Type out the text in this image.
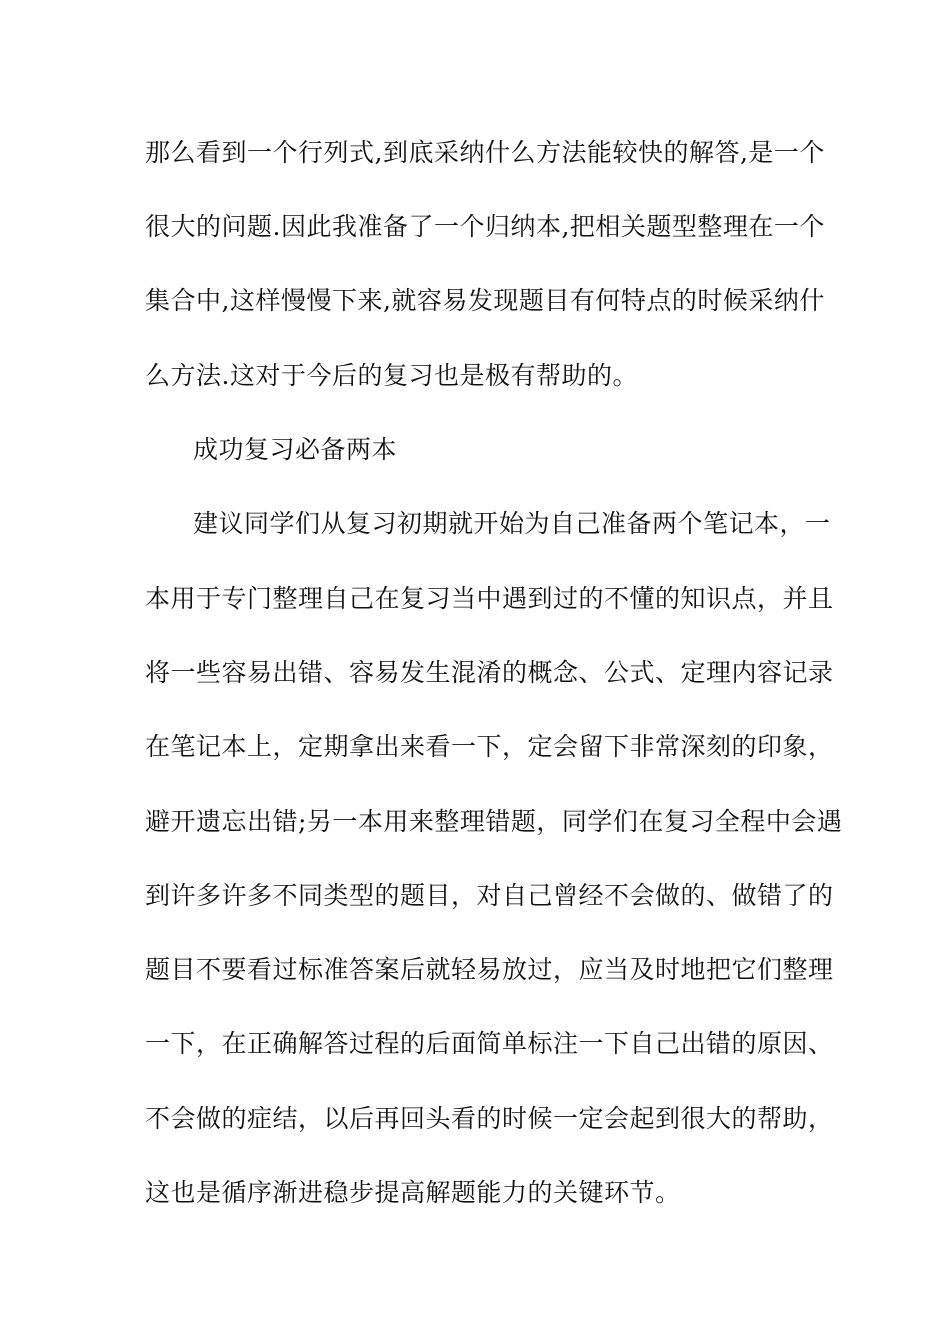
那么看到一个行列式,到底采纳什么方法能较快的解答,是一个
很大的问题.因此我准备了一个归纳本,把相关题型整理在一个
集合中,这样慢慢下来,就容易发现题目有何特点的时候采纳什
么方法.这对于今后的复习也是极有帮助的。
成功复习必备两本
建议同学们从复习初期就开始为自己准备两个笔记本，一
本用于专门整理自己在复习当中遇到过的不懂的知识点，并且
将一些容易出错、容易发生混淆的概念、公式、定理内容记录
在笔记本上，定期拿出来看一下，定会留下非常深刻的印象，
避开遗忘出错;另一本用来整理错题，同学们在复习全程中会遇
到许多许多不同类型的题目，对自己曾经不会做的、做错了的
题目不要看过标准答案后就轻易放过，应当及时地把它们整理
一下，在正确解答过程的后面简单标注一下自己出错的原因、
不会做的症结，以后再回头看的时候一定会起到很大的帮助，
这也是循序渐进稳步提高解题能力的关键环节。
